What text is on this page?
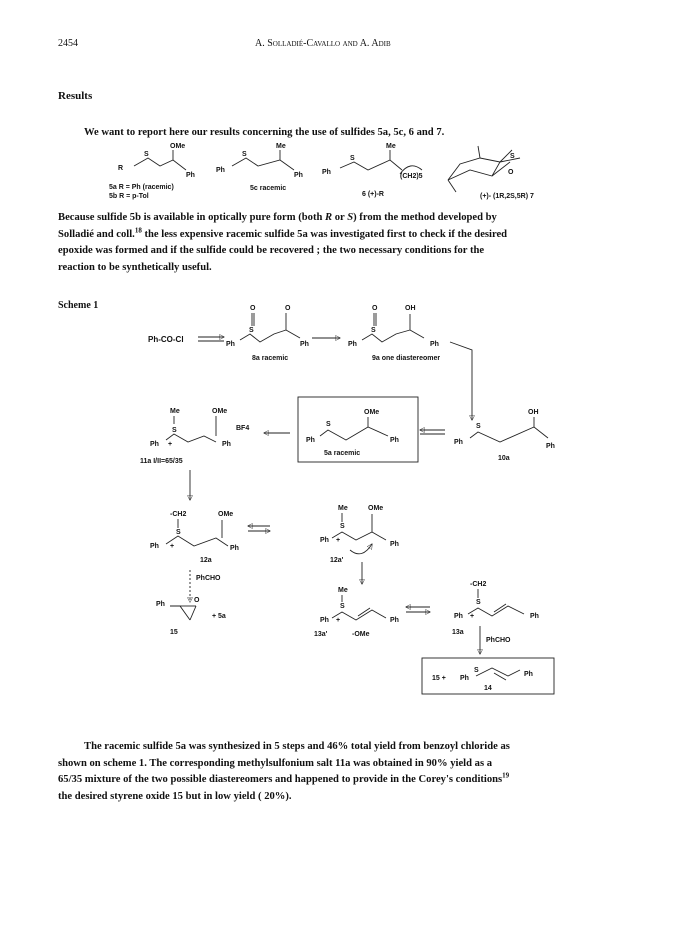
2454	A. Solladié-Cavallo and A. Adib
Results
We want to report here our results concerning the use of sulfides 5a, 5c, 6 and 7.
OMe
R
S
Ph
5a R = Ph (racemic)
5b R = p-Tol
Me
Ph
S
Ph
5c racemic
Me
Ph
S
(CH2)5
6 (+)-R
S
O
(+)- (1R,2S,5R) 7
Because sulfide 5b is available in optically pure form (both R or S) from the method developed by
Solladié and coll.$^{18}$ the less expensive racemic sulfide 5a was investigated first to check if the desired
epoxide was formed and if the sulfide could be recovered ; the two necessary conditions for the
reaction to be synthetically useful.
Scheme 1
Ph-CO-Cl
O	O
S
Ph	Ph
8a racemic
O	OH
S
Ph	Ph
9a one diastereomer
Me	OMe
S
Ph +	Ph
BF4
11a I/II=65/35
OMe
S
Ph	Ph
5a racemic
OH
S
Ph
Ph
10a
-CH2	OMe
S
Ph +	Ph
12a
Me	OMe
S
Ph +
Ph
12a'
PhCHO
Ph
O
+ 5a
15
Me
S
Ph +	Ph
-OMe
13a'
-CH2
S
Ph +	Ph
13a
PhCHO
15 + Ph
S
Ph
14
The racemic sulfide 5a was synthesized in 5 steps and 46% total yield from benzoyl chloride as
shown on scheme 1. The corresponding methylsulfonium salt 11a was obtained in 90% yield as a
65/35 mixture of the two possible diastereomers and happened to provide in the Corey's conditions$^{19}$
the desired styrene oxide 15 but in low yield ( 20%).
